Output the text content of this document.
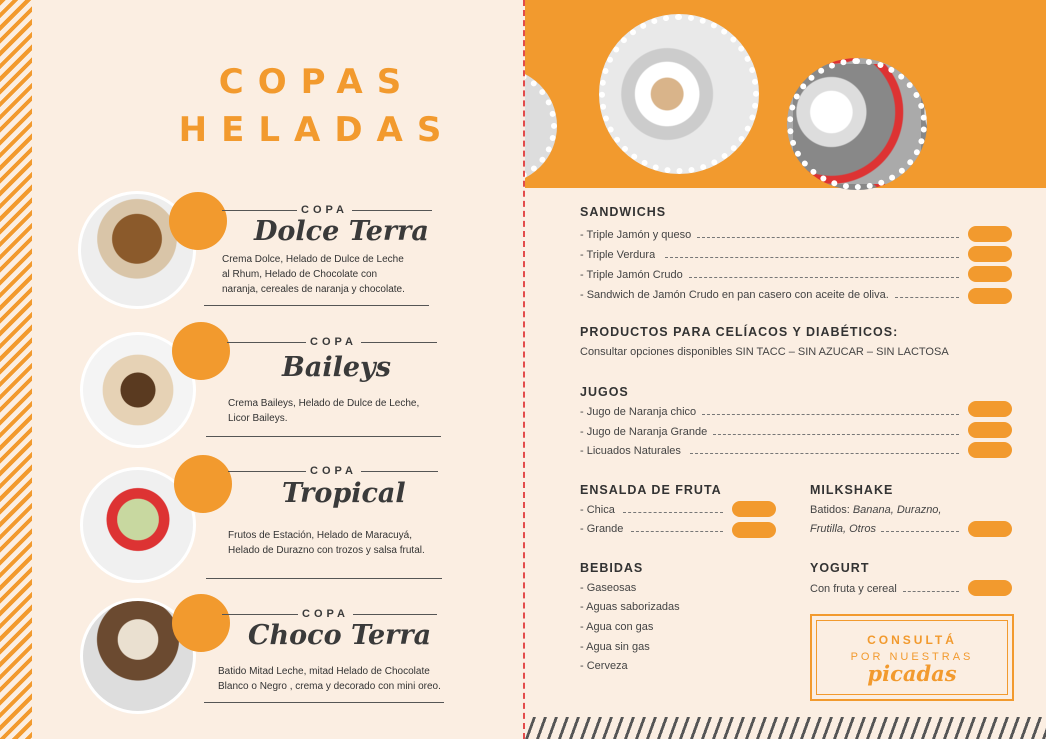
COPAS
HELADAS
COPA
Dolce Terra
Crema Dolce, Helado de Dulce de Leche
al Rhum, Helado de Chocolate con
naranja, cereales de naranja y chocolate.
COPA
Baileys
Crema Baileys, Helado de Dulce de Leche,
Licor Baileys.
COPA
Tropical
Frutos de Estación, Helado de Maracuyá,
Helado de Durazno con trozos y salsa frutal.
COPA
Choco Terra
Batido Mitad Leche, mitad Helado de Chocolate
Blanco o Negro , crema y decorado con mini oreo.
SANDWICHS
- Triple Jamón y queso
- Triple Verdura
- Triple Jamón Crudo
- Sandwich de Jamón Crudo en pan casero con aceite de oliva.
PRODUCTOS PARA CELÍACOS Y DIABÉTICOS:
Consultar opciones disponibles SIN TACC – SIN AZUCAR – SIN LACTOSA
JUGOS
- Jugo de Naranja chico
- Jugo de Naranja Grande
- Licuados Naturales
ENSALDA DE FRUTA
- Chica
- Grande
MILKSHAKE
Batidos: Banana, Durazno,
Frutilla, Otros
BEBIDAS
- Gaseosas
- Aguas saborizadas
- Agua con gas
- Agua sin gas
- Cerveza
YOGURT
Con fruta y cereal
CONSULTÁ
POR NUESTRAS
picadas
